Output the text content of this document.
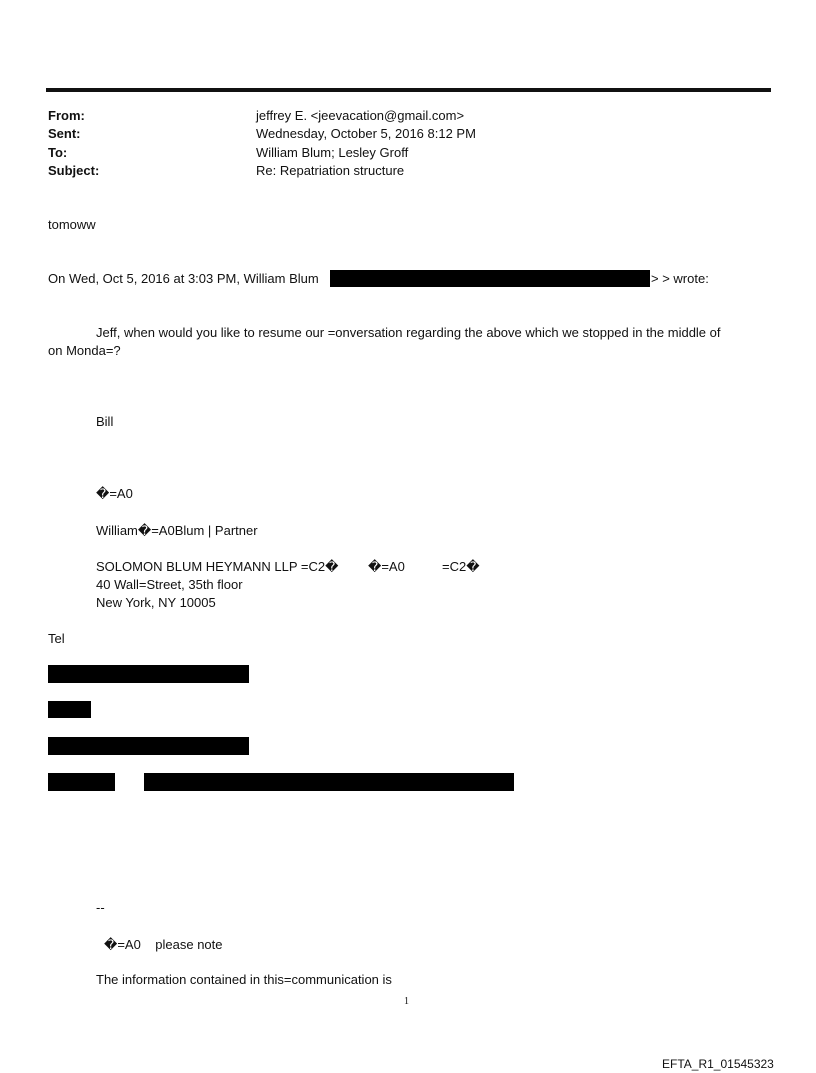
From:	jeffrey E. <jeevacation@gmail.com>
Sent:	Wednesday, October 5, 2016 8:12 PM
To:	William Blum; Lesley Groff
Subject:	Re: Repatriation structure
tomoww
On Wed, Oct 5, 2016 at 3:03 PM, William Blum	> > wrote:
Jeff, when would you like to resume our =onversation regarding the above which we stopped in the middle of
on Monda=?
Bill
�=A0
William�=A0Blum | Partner
SOLOMON BLUM HEYMANN LLP =C2� �=A0	=C2�
40 Wall=Street, 35th floor
New York, NY 10005
Tel
--
�=A0    please note
The information contained in this=communication is
1
EFTA_R1_01545323
